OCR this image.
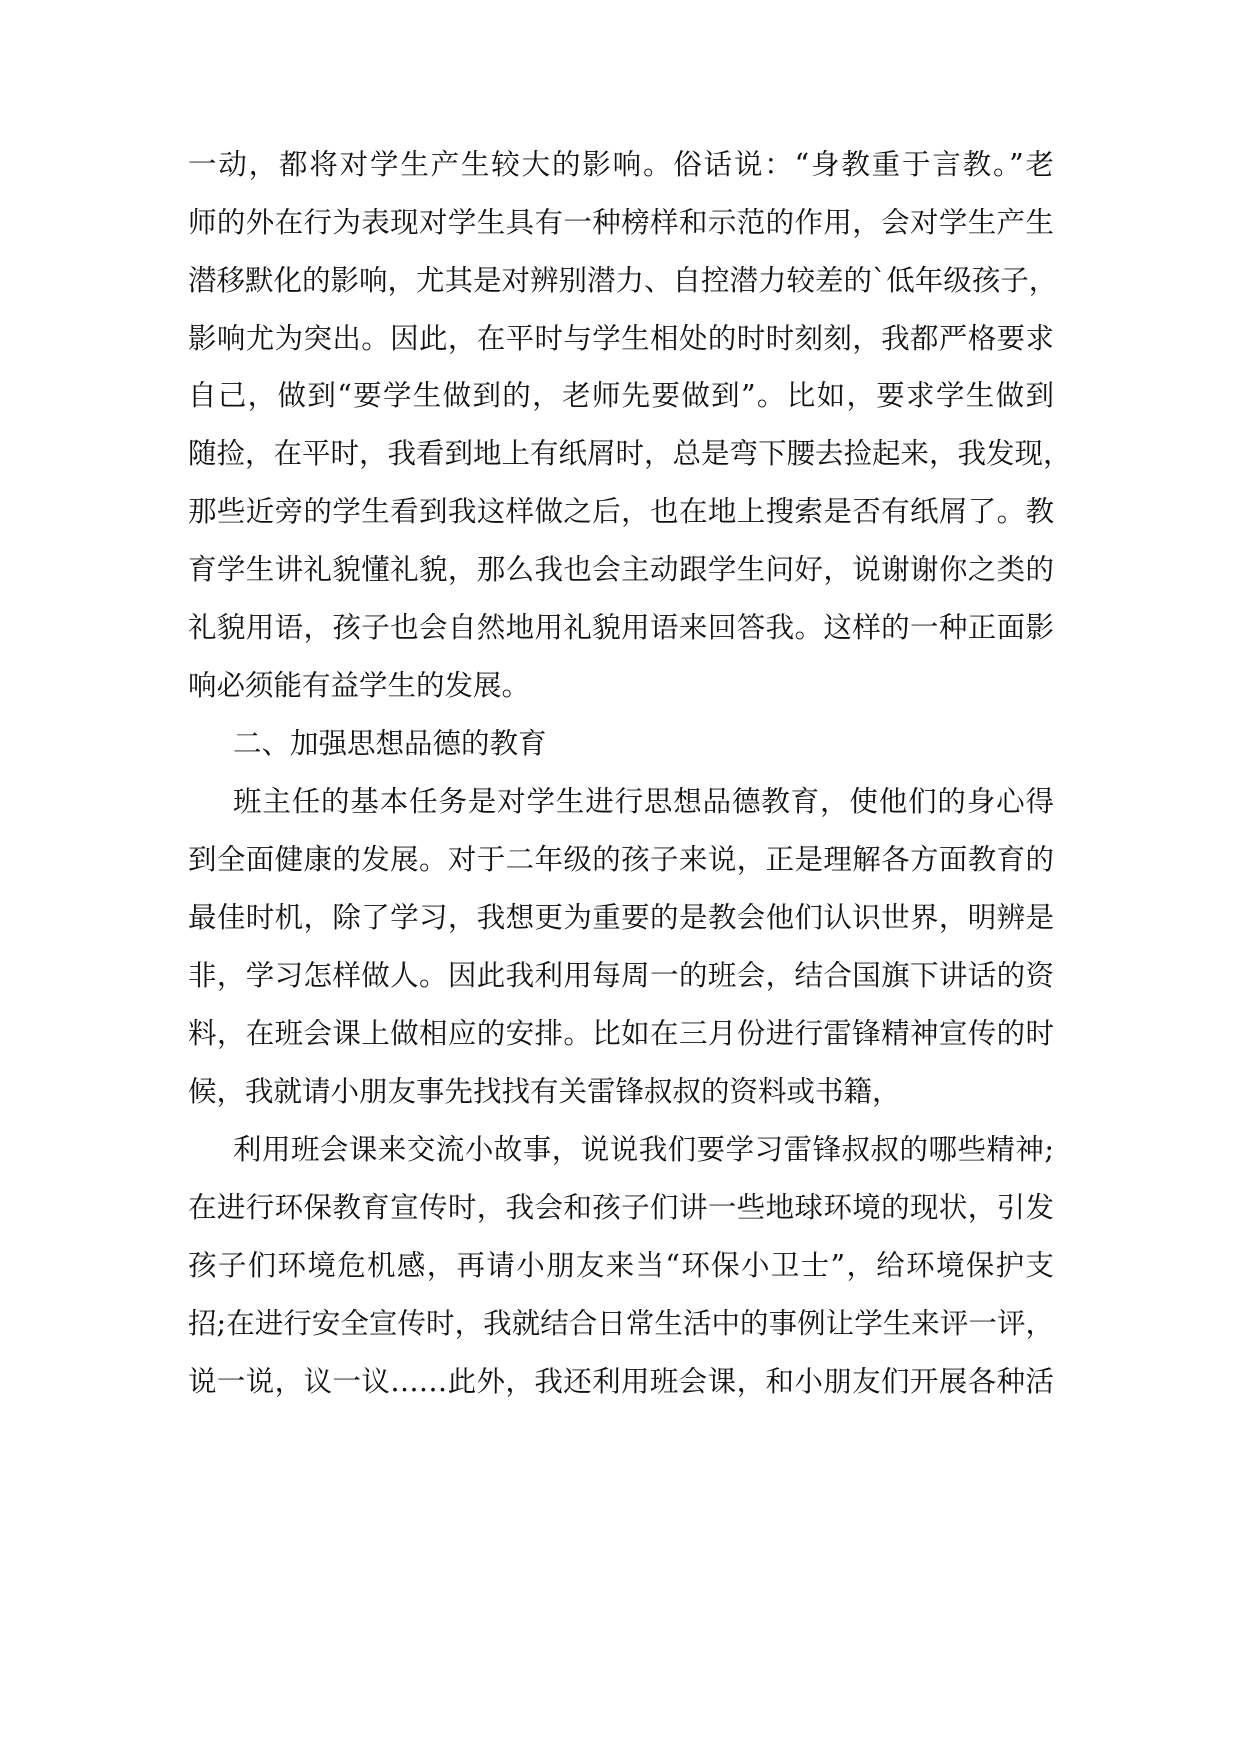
一动，都将对学生产生较大的影响。俗话说：“身教重于言教。”老

师的外在行为表现对学生具有一种榜样和示范的作用，会对学生产生

潜移默化的影响，尤其是对辨别潜力、自控潜力较差的`低年级孩子，

影响尤为突出。因此，在平时与学生相处的时时刻刻，我都严格要求

自己，做到“要学生做到的，老师先要做到”。比如，要求学生做到

随捡，在平时，我看到地上有纸屑时，总是弯下腰去捡起来，我发现，

那些近旁的学生看到我这样做之后，也在地上搜索是否有纸屑了。教

育学生讲礼貌懂礼貌，那么我也会主动跟学生问好，说谢谢你之类的

礼貌用语，孩子也会自然地用礼貌用语来回答我。这样的一种正面影

响必须能有益学生的发展。

二、加强思想品德的教育

班主任的基本任务是对学生进行思想品德教育，使他们的身心得

到全面健康的发展。对于二年级的孩子来说，正是理解各方面教育的

最佳时机，除了学习，我想更为重要的是教会他们认识世界，明辨是

非，学习怎样做人。因此我利用每周一的班会，结合国旗下讲话的资

料，在班会课上做相应的安排。比如在三月份进行雷锋精神宣传的时

候，我就请小朋友事先找找有关雷锋叔叔的资料或书籍，

利用班会课来交流小故事，说说我们要学习雷锋叔叔的哪些精神;

在进行环保教育宣传时，我会和孩子们讲一些地球环境的现状，引发

孩子们环境危机感，再请小朋友来当“环保小卫士”，给环境保护支

招;在进行安全宣传时，我就结合日常生活中的事例让学生来评一评，

说一说，议一议……此外，我还利用班会课，和小朋友们开展各种活
